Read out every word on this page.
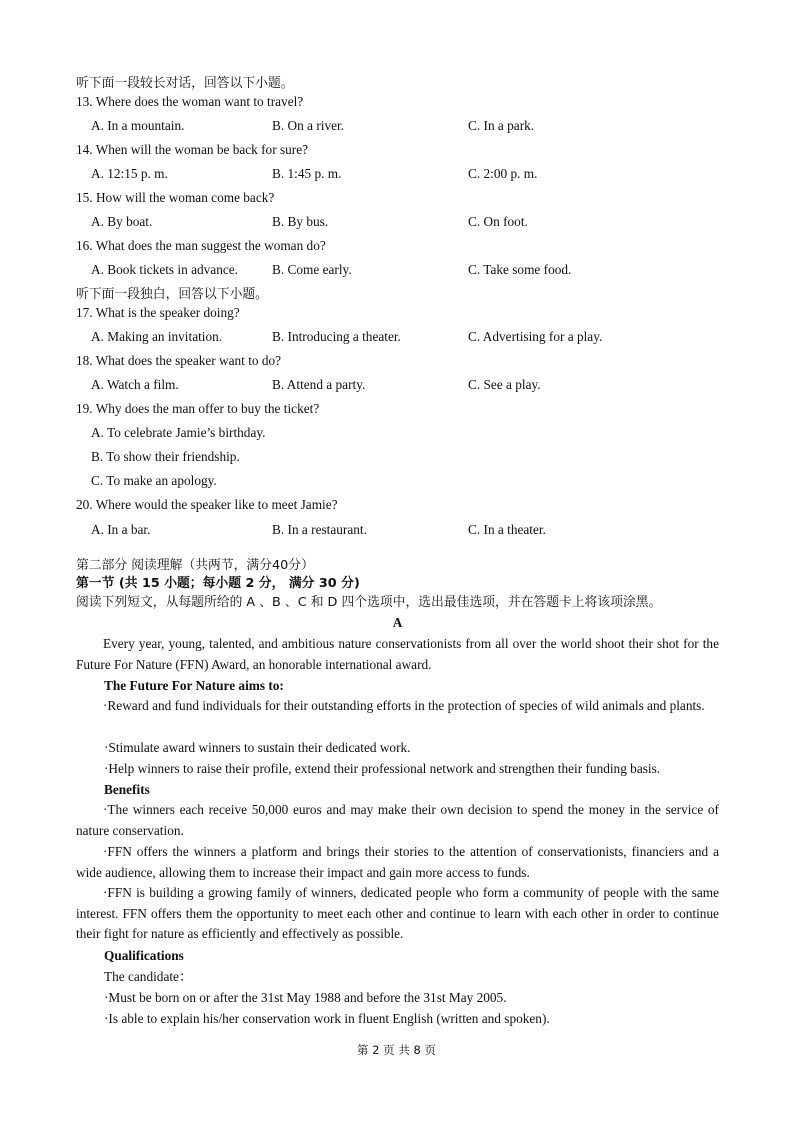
听下面一段较长对话，回答以下小题。
13. Where does the woman want to travel?
A. In a mountain.	B. On a river.	C. In a park.
14. When will the woman be back for sure?
A. 12:15 p. m.	B. 1:45 p. m.	C. 2:00 p. m.
15. How will the woman come back?
A. By boat.	B. By bus.	C. On foot.
16. What does the man suggest the woman do?
A. Book tickets in advance.	B. Come early.	C. Take some food.
听下面一段独白，回答以下小题。
17. What is the speaker doing?
A. Making an invitation.	B. Introducing a theater.	C. Advertising for a play.
18. What does the speaker want to do?
A. Watch a film.	B. Attend a party.	C. See a play.
19. Why does the man offer to buy the ticket?
A. To celebrate Jamie’s birthday.
B. To show their friendship.
C. To make an apology.
20. Where would the speaker like to meet Jamie?
A. In a bar.	B. In a restaurant.	C. In a theater.
第二部分 阅读理解（共两节，满分40分）
第一节 (共 15 小题；每小题 2 分， 满分 30 分)
阅读下列短文，从每题所给的 A 、B 、C 和 D 四个选项中，选出最佳选项，并在答题卡上将该项涂黑。
A
Every year, young, talented, and ambitious nature conservationists from all over the world shoot their shot for the Future For Nature (FFN) Award, an honorable international award.
The Future For Nature aims to:
·Reward and fund individuals for their outstanding efforts in the protection of species of wild animals and plants.
·Stimulate award winners to sustain their dedicated work.
·Help winners to raise their profile, extend their professional network and strengthen their funding basis.
Benefits
·The winners each receive 50,000 euros and may make their own decision to spend the money in the service of nature conservation.
·FFN offers the winners a platform and brings their stories to the attention of conservationists, financiers and a wide audience, allowing them to increase their impact and gain more access to funds.
·FFN is building a growing family of winners, dedicated people who form a community of people with the same interest. FFN offers them the opportunity to meet each other and continue to learn with each other in order to continue their fight for nature as efficiently and effectively as possible.
Qualifications
The candidate：
·Must be born on or after the 31st May 1988 and before the 31st May 2005.
·Is able to explain his/her conservation work in fluent English (written and spoken).
第 2 页 共 8 页
